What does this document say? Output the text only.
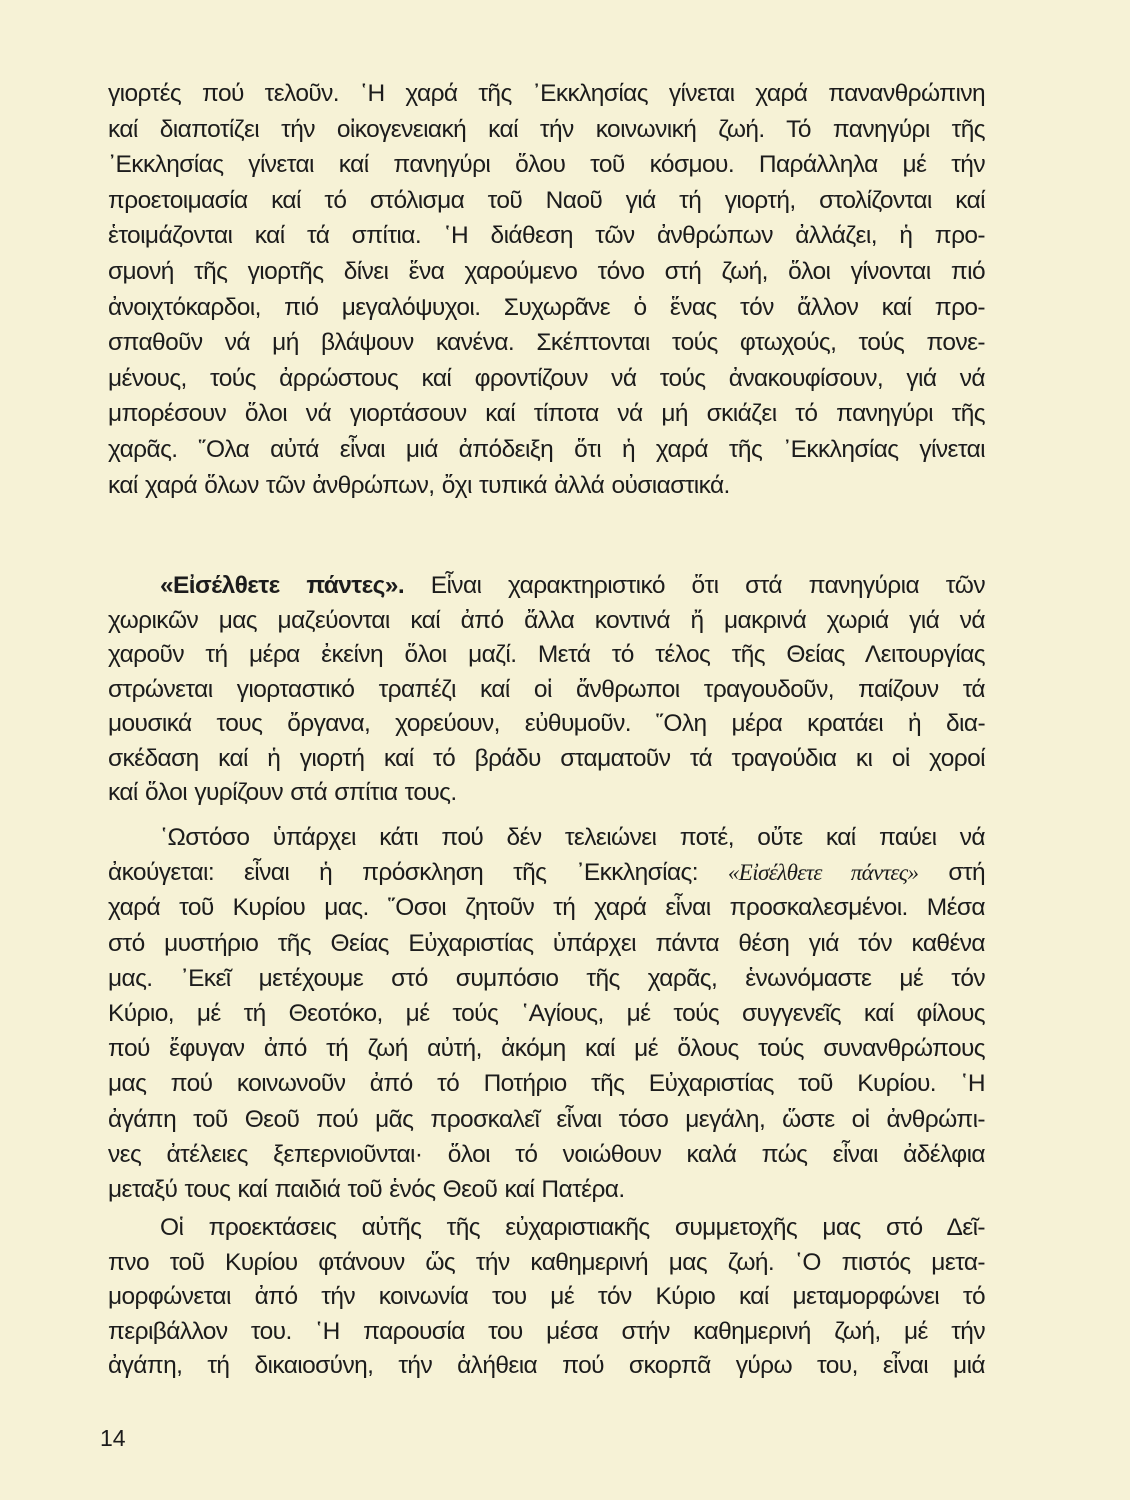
γιορτές πού τελοῦν. ῾Η χαρά τῆς ᾽Εκκλησίας γίνεται χαρά πανανθρώπινη
καί διαποτίζει τήν οἰκογενειακή καί τήν κοινωνική ζωή. Τό πανηγύρι τῆς
᾽Εκκλησίας γίνεται καί πανηγύρι ὅλου τοῦ κόσμου. Παράλληλα μέ τήν
προετοιμασία καί τό στόλισμα τοῦ Ναοῦ γιά τή γιορτή, στολίζονται καί
ἑτοιμάζονται καί τά σπίτια. ῾Η διάθεση τῶν ἀνθρώπων ἀλλάζει, ἡ προ-
σμονή τῆς γιορτῆς δίνει ἕνα χαρούμενο τόνο στή ζωή, ὅλοι γίνονται πιό
ἀνοιχτόκαρδοι, πιό μεγαλόψυχοι. Συχωρᾶνε ὁ ἕνας τόν ἄλλον καί προ-
σπαθοῦν νά μή βλάψουν κανένα. Σκέπτονται τούς φτωχούς, τούς πονε-
μένους, τούς ἀρρώστους καί φροντίζουν νά τούς ἀνακουφίσουν, γιά νά
μπορέσουν ὅλοι νά γιορτάσουν καί τίποτα νά μή σκιάζει τό πανηγύρι τῆς
χαρᾶς. ῞Ολα αὐτά εἶναι μιά ἀπόδειξη ὅτι ἡ χαρά τῆς ᾽Εκκλησίας γίνεται
καί χαρά ὅλων τῶν ἀνθρώπων, ὄχι τυπικά ἀλλά οὐσιαστικά.
«Εἰσέλθετε πάντες». Εἶναι χαρακτηριστικό ὅτι στά πανηγύρια τῶν
χωρικῶν μας μαζεύονται καί ἀπό ἄλλα κοντινά ἤ μακρινά χωριά γιά νά
χαροῦν τή μέρα ἐκείνη ὅλοι μαζί. Μετά τό τέλος τῆς Θείας Λειτουργίας
στρώνεται γιορταστικό τραπέζι καί οἱ ἄνθρωποι τραγουδοῦν, παίζουν τά
μουσικά τους ὄργανα, χορεύουν, εὐθυμοῦν. ῞Ολη μέρα κρατάει ἡ δια-
σκέδαση καί ἡ γιορτή καί τό βράδυ σταματοῦν τά τραγούδια κι οἱ χοροί
καί ὅλοι γυρίζουν στά σπίτια τους.
῾Ωστόσο ὑπάρχει κάτι πού δέν τελειώνει ποτέ, οὔτε καί παύει νά
ἀκούγεται: εἶναι ἡ πρόσκληση τῆς ᾽Εκκλησίας: «Εἰσέλθετε πάντες» στή
χαρά τοῦ Κυρίου μας. ῞Οσοι ζητοῦν τή χαρά εἶναι προσκαλεσμένοι. Μέσα
στό μυστήριο τῆς Θείας Εὐχαριστίας ὑπάρχει πάντα θέση γιά τόν καθένα
μας. ᾽Εκεῖ μετέχουμε στό συμπόσιο τῆς χαρᾶς, ἑνωνόμαστε μέ τόν
Κύριο, μέ τή Θεοτόκο, μέ τούς ῾Αγίους, μέ τούς συγγενεῖς καί φίλους
πού ἔφυγαν ἀπό τή ζωή αὐτή, ἀκόμη καί μέ ὅλους τούς συνανθρώπους
μας πού κοινωνοῦν ἀπό τό Ποτήριο τῆς Εὐχαριστίας τοῦ Κυρίου. ῾Η
ἀγάπη τοῦ Θεοῦ πού μᾶς προσκαλεῖ εἶναι τόσο μεγάλη, ὥστε οἱ ἀνθρώπι-
νες ἀτέλειες ξεπερνιοῦνται· ὅλοι τό νοιώθουν καλά πώς εἶναι ἀδέλφια
μεταξύ τους καί παιδιά τοῦ ἑνός Θεοῦ καί Πατέρα.
Οἱ προεκτάσεις αὐτῆς τῆς εὐχαριστιακῆς συμμετοχῆς μας στό Δεῖ-
πνο τοῦ Κυρίου φτάνουν ὥς τήν καθημερινή μας ζωή. ῾Ο πιστός μετα-
μορφώνεται ἀπό τήν κοινωνία του μέ τόν Κύριο καί μεταμορφώνει τό
περιβάλλον του. ῾Η παρουσία του μέσα στήν καθημερινή ζωή, μέ τήν
ἀγάπη, τή δικαιοσύνη, τήν ἀλήθεια πού σκορπᾶ γύρω του, εἶναι μιά
14
